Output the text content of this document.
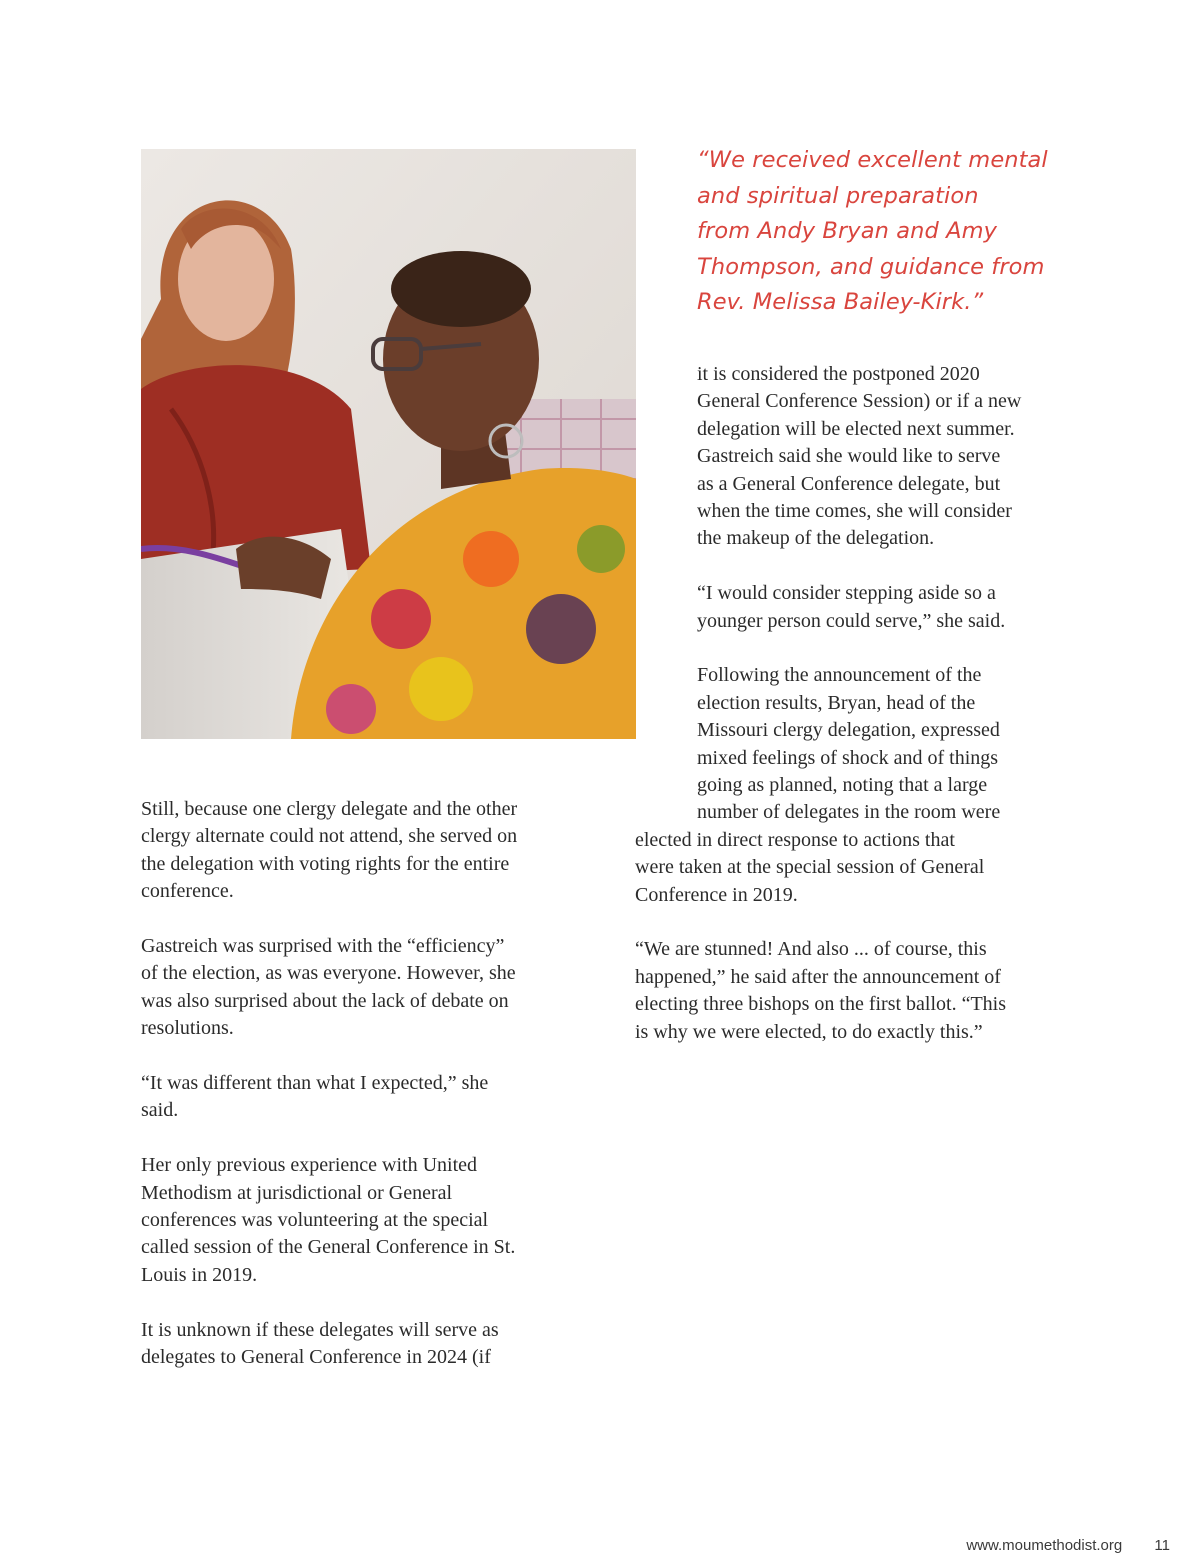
“We received excellent mental
and spiritual preparation
from Andy Bryan and Amy
Thompson, and guidance from
Rev. Melissa Bailey-Kirk.”

Still, because one clergy delegate and the other
clergy alternate could not attend, she served on
the delegation with voting rights for the entire
conference.

Gastreich was surprised with the “efficiency”
of the election, as was everyone. However, she
was also surprised about the lack of debate on
resolutions.

“It was different than what I expected,” she
said.

Her only previous experience with United
Methodism at jurisdictional or General
conferences was volunteering at the special
called session of the General Conference in St.
Louis in 2019.

It is unknown if these delegates will serve as
delegates to General Conference in 2024 (if

it is considered the postponed 2020
General Conference Session) or if a new
delegation will be elected next summer.
Gastreich said she would like to serve
as a General Conference delegate, but
when the time comes, she will consider
the makeup of the delegation.

“I would consider stepping aside so a
younger person could serve,” she said.

Following the announcement of the
election results, Bryan, head of the
Missouri clergy delegation, expressed
mixed feelings of shock and of things
going as planned, noting that a large
number of delegates in the room were
elected in direct response to actions that
were taken at the special session of General
Conference in 2019.

“We are stunned! And also ... of course, this
happened,” he said after the announcement of
electing three bishops on the first ballot. “This
is why we were elected, to do exactly this.”

www.moumethodist.org 11
